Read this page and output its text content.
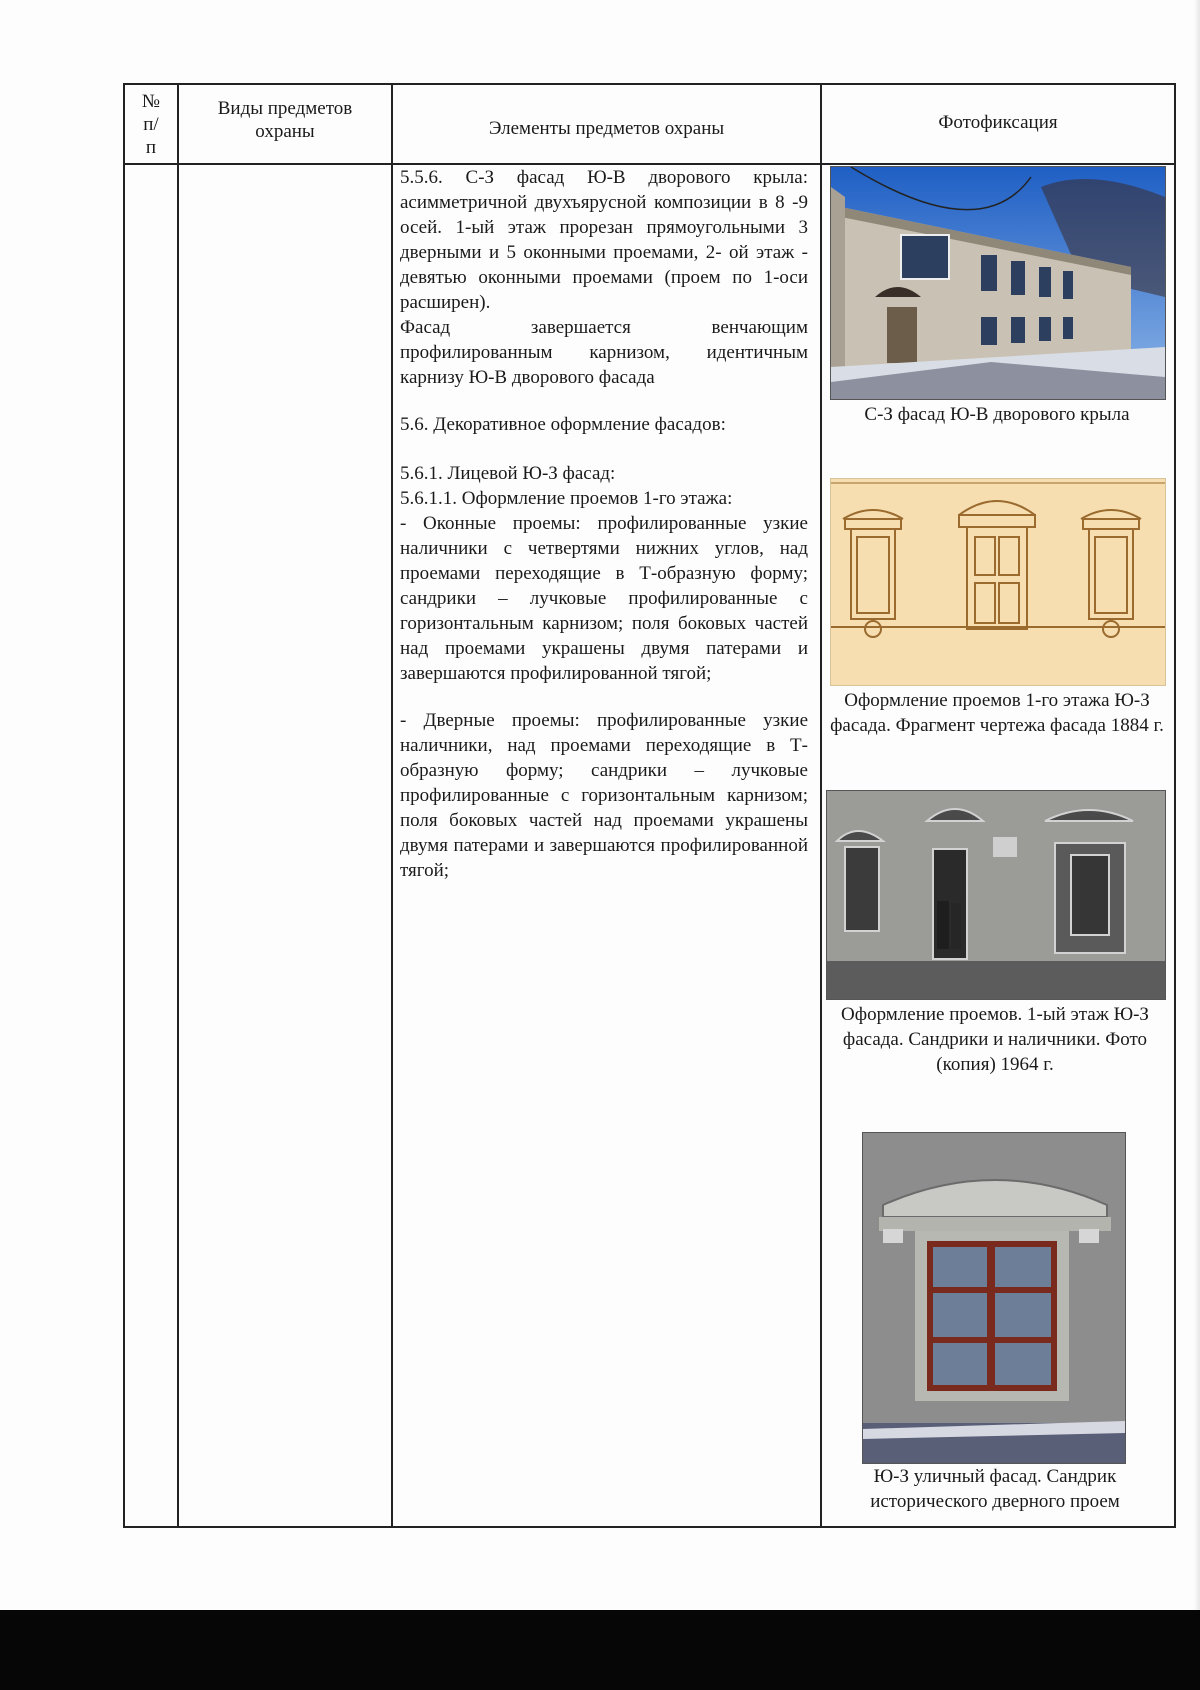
№ п/ п
Виды предметов охраны	Элементы предметов охраны	Фотофиксация

5.5.6. С-З фасад Ю-В дворового крыла: асимметричной двухъярусной композиции в 8 -9 осей. 1-ый этаж прорезан прямоугольными 3 дверными и 5 оконными проемами, 2- ой этаж - девятью оконными проемами (проем по 1-оси расширен).

Фасад завершается венчающим профилированным карнизом, идентичным карнизу Ю-В дворового фасада

5.6. Декоративное оформление фасадов:

5.6.1. Лицевой Ю-З фасад:

5.6.1.1. Оформление проемов 1-го этажа:

- Оконные проемы: профилированные узкие наличники с четвертями нижних углов, над проемами переходящие в Т-образную форму; сандрики – лучковые профилированные с горизонтальным карнизом; поля боковых частей над проемами украшены двумя патерами и завершаются профилированной тягой;

- Дверные проемы: профилированные узкие наличники, над проемами переходящие в Т- образную форму; сандрики – лучковые профилированные с горизонтальным карнизом; поля боковых частей над проемами украшены двумя патерами и завершаются профилированной тягой;

С-З фасад Ю-В дворового крыла
Оформление проемов 1-го этажа Ю-З фасада. Фрагмент чертежа фасада 1884 г.
Оформление проемов. 1-ый этаж Ю-З фасада. Сандрики и наличники. Фото (копия) 1964 г.
Ю-З уличный фасад. Сандрик исторического дверного проем
